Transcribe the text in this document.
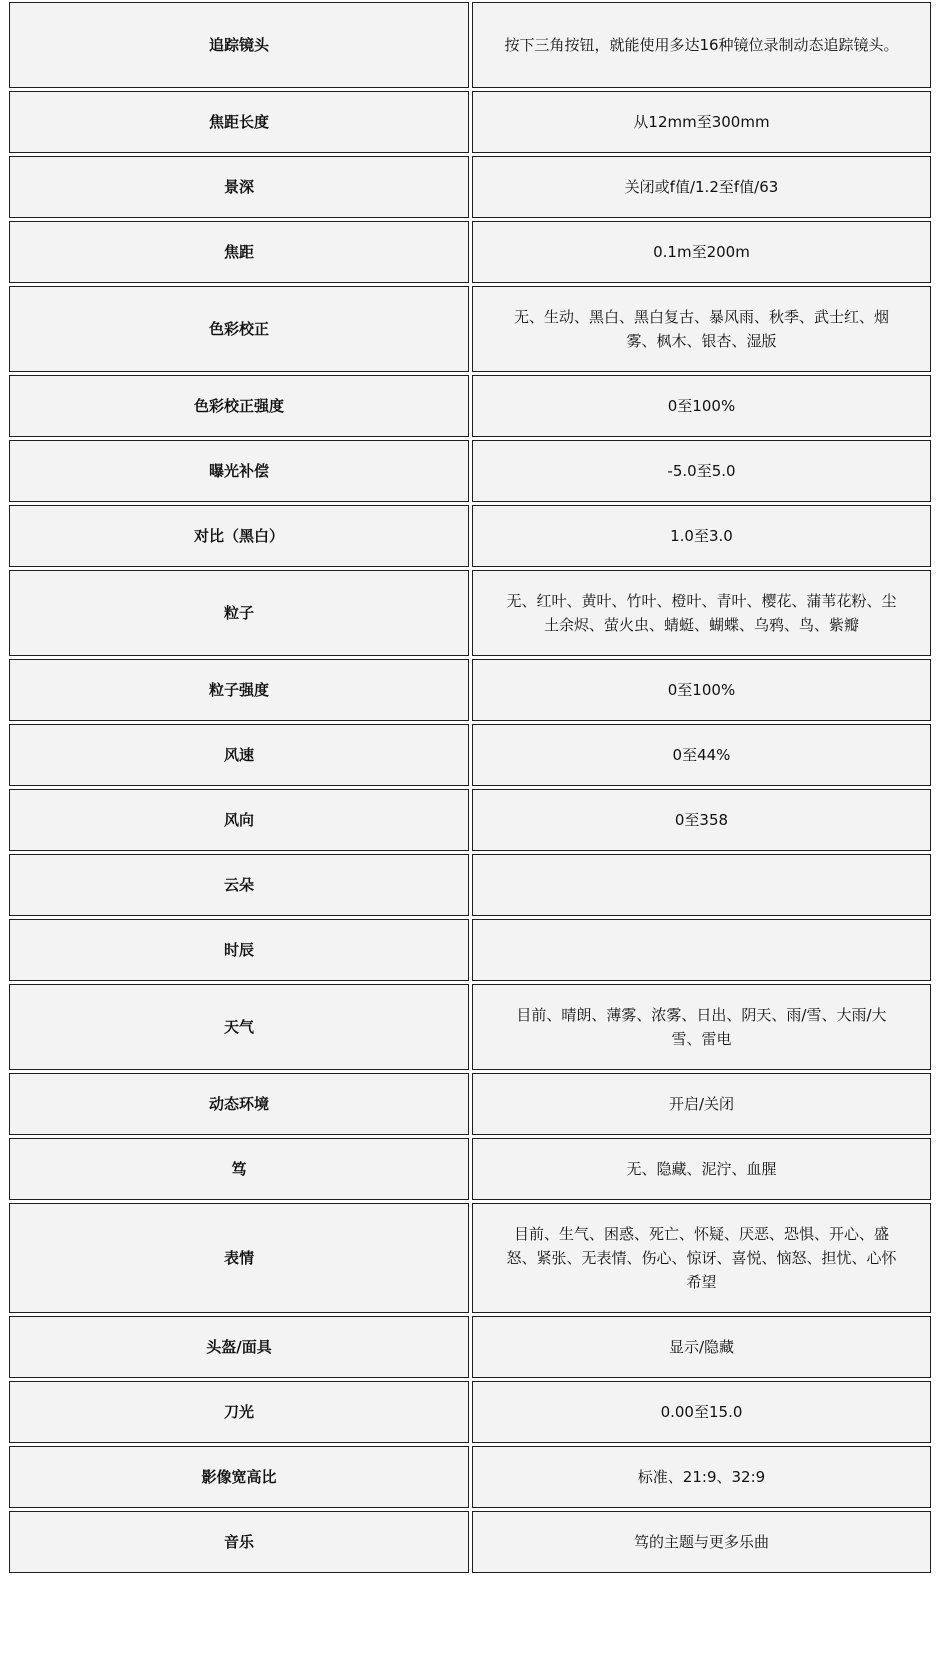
追踪镜头	按下三角按钮，就能使用多达16种镜位录制动态追踪镜头。
焦距长度	从12mm至300mm
景深	关闭或f值/1.2至f值/63
焦距	0.1m至200m
色彩校正	无、生动、黑白、黑白复古、暴风雨、秋季、武士红、烟雾、枫木、银杏、湿版
色彩校正强度	0至100%
曝光补偿	-5.0至5.0
对比（黑白）	1.0至3.0
粒子	无、红叶、黄叶、竹叶、橙叶、青叶、樱花、蒲苇花粉、尘土余烬、萤火虫、蜻蜓、蝴蝶、乌鸦、鸟、紫瓣
粒子强度	0至100%
风速	0至44%
风向	0至358
云朵	
时辰	
天气	目前、晴朗、薄雾、浓雾、日出、阴天、雨/雪、大雨/大雪、雷电
动态环境	开启/关闭
笃	无、隐藏、泥泞、血腥
表情	目前、生气、困惑、死亡、怀疑、厌恶、恐惧、开心、盛怒、紧张、无表情、伤心、惊讶、喜悦、恼怒、担忧、心怀希望
头盔/面具	显示/隐藏
刀光	0.00至15.0
影像宽高比	标准、21:9、32:9
音乐	笃的主题与更多乐曲
